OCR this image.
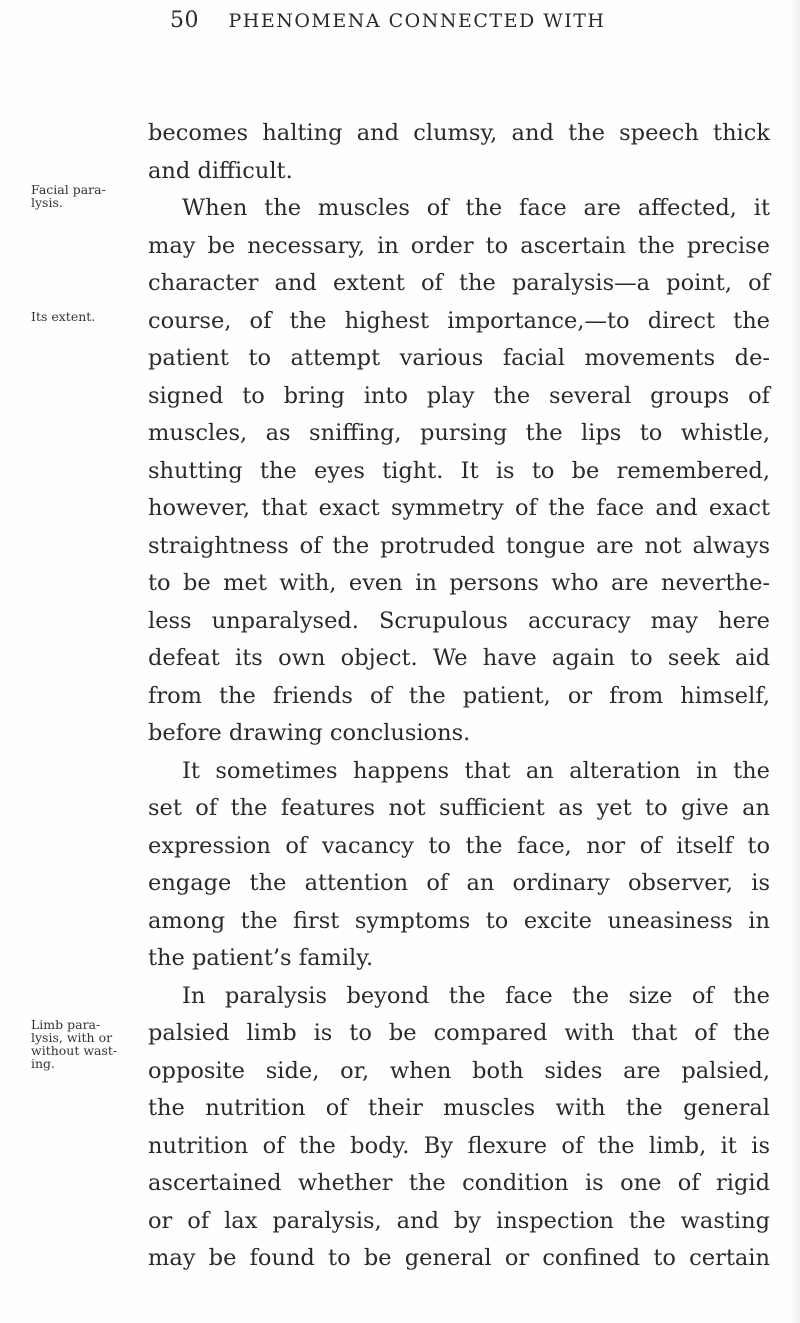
50 PHENOMENA CONNECTED WITH
Facial para-
lysis.
Its extent.
Limb para-
lysis, with or
without wast-
ing.
becomes halting and clumsy, and the speech thick
and difficult.
When the muscles of the face are affected, it
may be necessary, in order to ascertain the precise
character and extent of the paralysis—a point, of
course, of the highest importance,—to direct the
patient to attempt various facial movements de-
signed to bring into play the several groups of
muscles, as sniffing, pursing the lips to whistle,
shutting the eyes tight. It is to be remembered,
however, that exact symmetry of the face and exact
straightness of the protruded tongue are not always
to be met with, even in persons who are neverthe-
less unparalysed. Scrupulous accuracy may here
defeat its own object. We have again to seek aid
from the friends of the patient, or from himself,
before drawing conclusions.
It sometimes happens that an alteration in the
set of the features not sufficient as yet to give an
expression of vacancy to the face, nor of itself to
engage the attention of an ordinary observer, is
among the first symptoms to excite uneasiness in
the patient’s family.
In paralysis beyond the face the size of the
palsied limb is to be compared with that of the
opposite side, or, when both sides are palsied,
the nutrition of their muscles with the general
nutrition of the body. By flexure of the limb, it is
ascertained whether the condition is one of rigid
or of lax paralysis, and by inspection the wasting
may be found to be general or confined to certain
